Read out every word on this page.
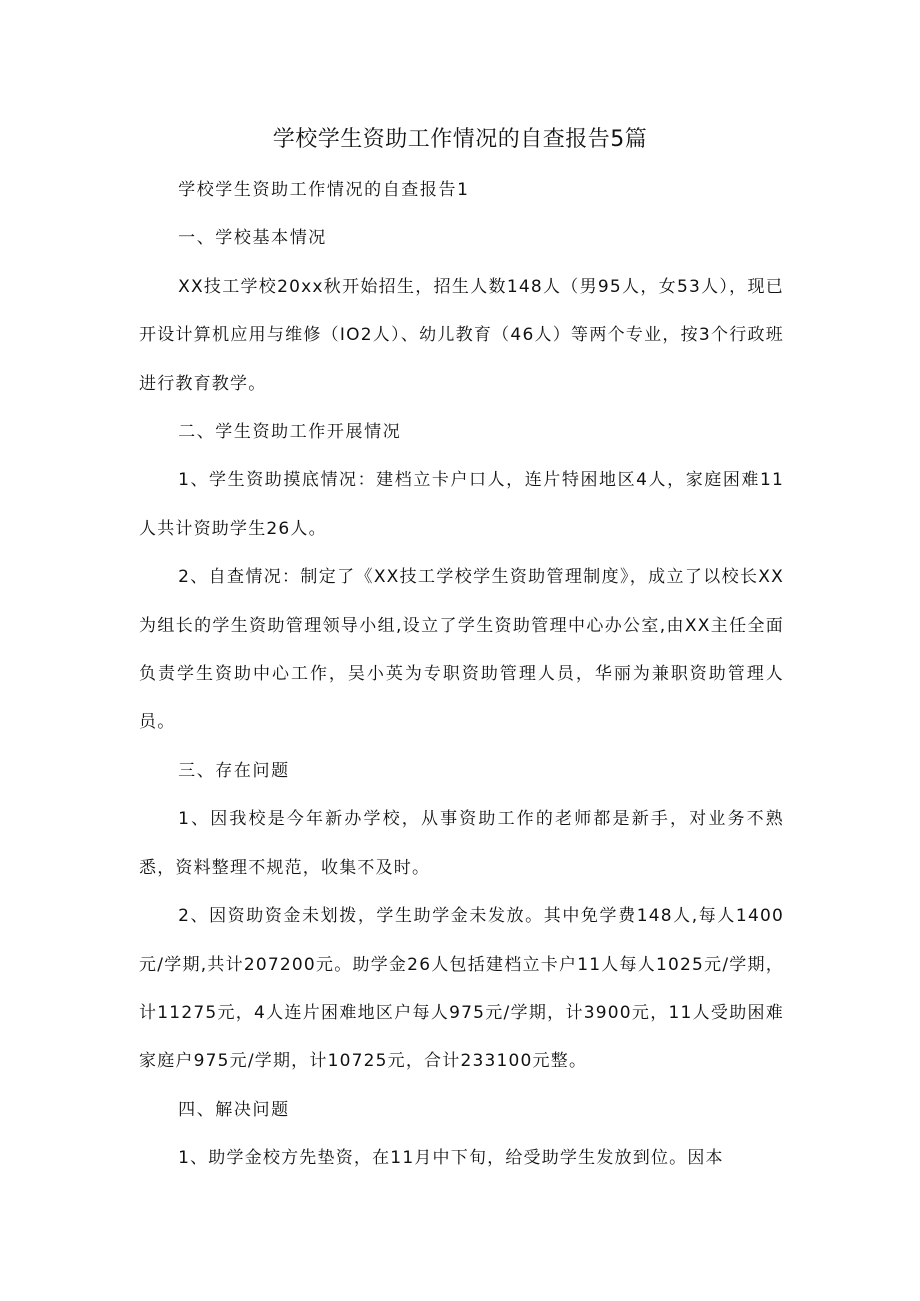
学校学生资助工作情况的自查报告5篇

学校学生资助工作情况的自查报告1

一、学校基本情况

XX技工学校20xx秋开始招生，招生人数148人（男95人，女53人），现已开设计算机应用与维修（IO2人）、幼儿教育（46人）等两个专业，按3个行政班进行教育教学。

二、学生资助工作开展情况

1、学生资助摸底情况：建档立卡户口人，连片特困地区4人，家庭困难11人共计资助学生26人。

2、自查情况：制定了《XX技工学校学生资助管理制度》，成立了以校长XX为组长的学生资助管理领导小组,设立了学生资助管理中心办公室,由XX主任全面负责学生资助中心工作，吴小英为专职资助管理人员，华丽为兼职资助管理人员。

三、存在问题

1、因我校是今年新办学校，从事资助工作的老师都是新手，对业务不熟悉，资料整理不规范，收集不及时。

2、因资助资金未划拨，学生助学金未发放。其中免学费148人,每人1400元/学期,共计207200元。助学金26人包括建档立卡户11人每人1025元/学期，计11275元，4人连片困难地区户每人975元/学期，计3900元，11人受助困难家庭户975元/学期，计10725元，合计233100元整。

四、解决问题

1、助学金校方先垫资，在11月中下旬，给受助学生发放到位。因本
